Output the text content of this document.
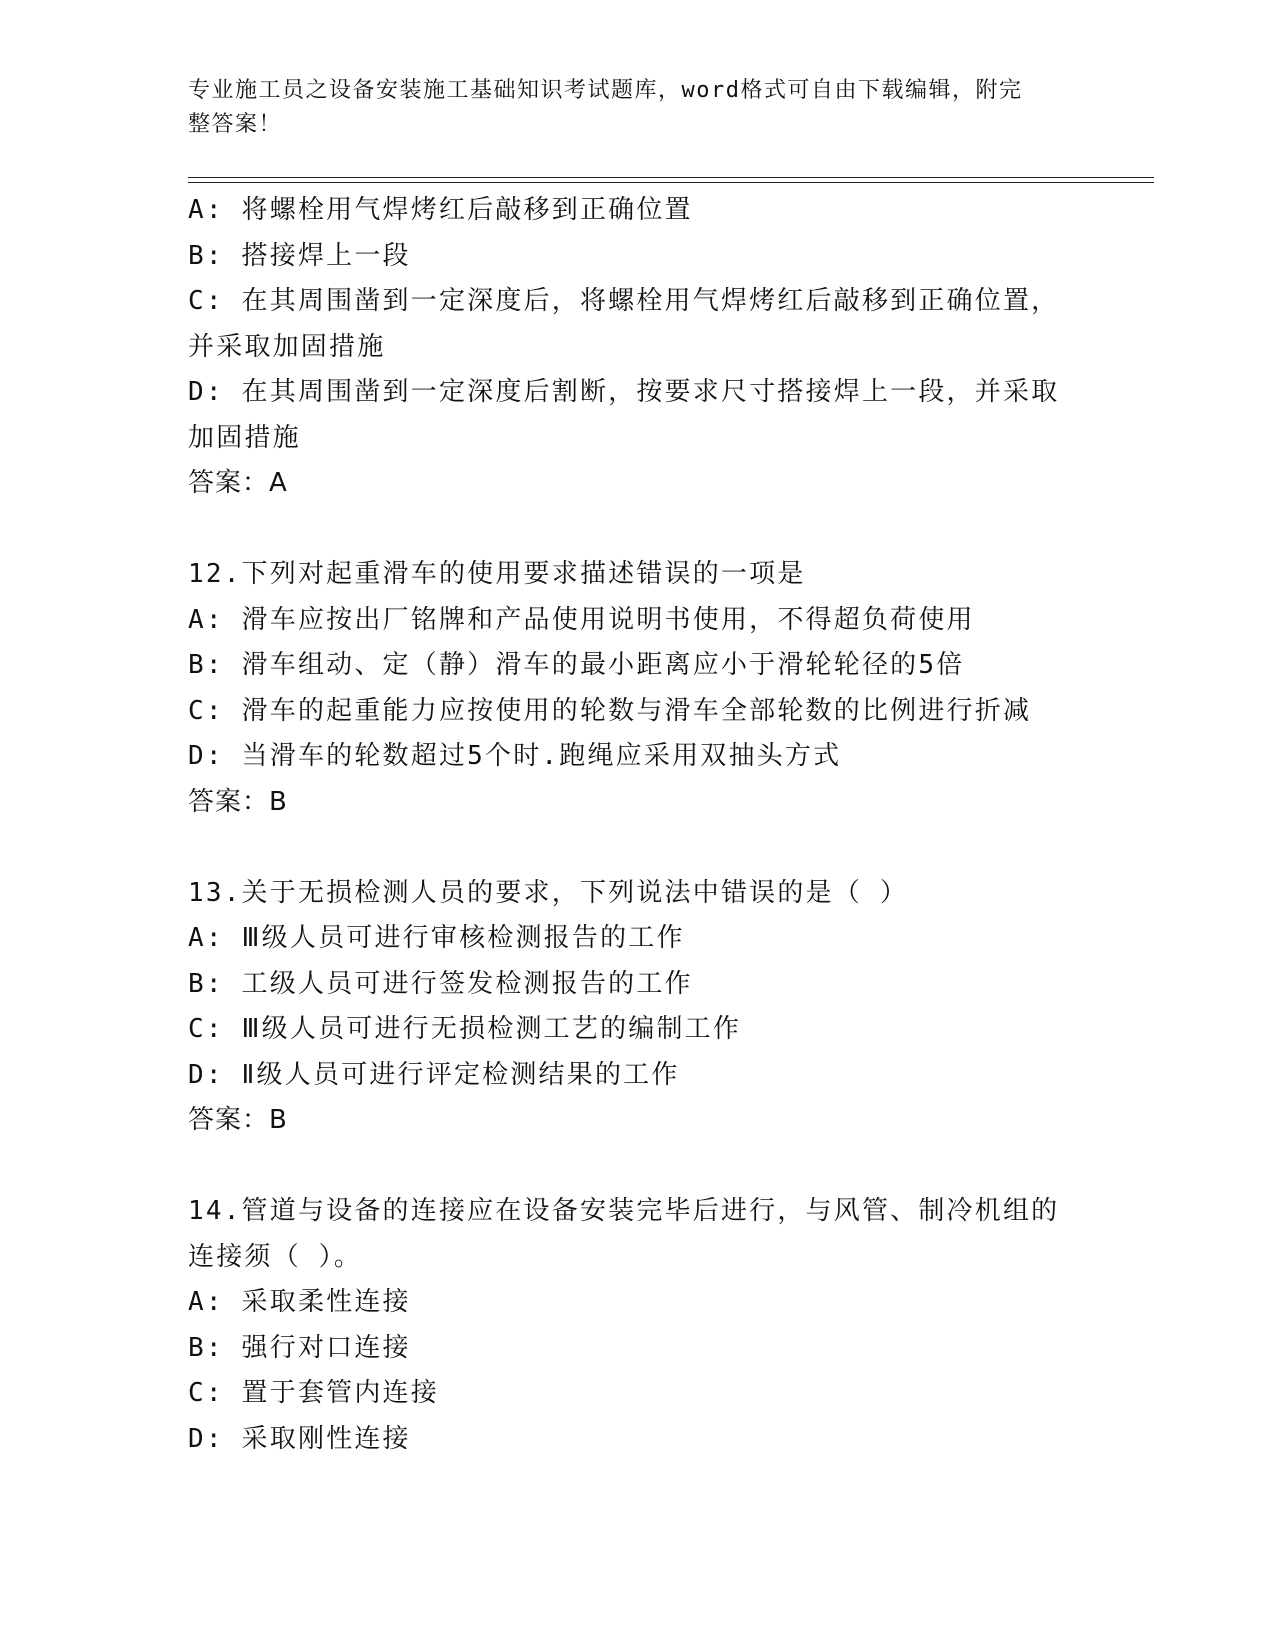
专业施工员之设备安装施工基础知识考试题库，word格式可自由下载编辑，附完
整答案！
A: 将螺栓用气焊烤红后敲移到正确位置
B: 搭接焊上一段
C: 在其周围凿到一定深度后，将螺栓用气焊烤红后敲移到正确位置，
并采取加固措施
D: 在其周围凿到一定深度后割断，按要求尺寸搭接焊上一段，并采取
加固措施
答案：A
12.下列对起重滑车的使用要求描述错误的一项是
A: 滑车应按出厂铭牌和产品使用说明书使用，不得超负荷使用
B: 滑车组动、定（静）滑车的最小距离应小于滑轮轮径的5倍
C: 滑车的起重能力应按使用的轮数与滑车全部轮数的比例进行折减
D: 当滑车的轮数超过5个时.跑绳应采用双抽头方式
答案：B
13.关于无损检测人员的要求，下列说法中错误的是（ ）
A: Ⅲ级人员可进行审核检测报告的工作
B: 工级人员可进行签发检测报告的工作
C: Ⅲ级人员可进行无损检测工艺的编制工作
D: Ⅱ级人员可进行评定检测结果的工作
答案：B
14.管道与设备的连接应在设备安装完毕后进行，与风管、制冷机组的
连接须（ ）。
A: 采取柔性连接
B: 强行对口连接
C: 置于套管内连接
D: 采取刚性连接
